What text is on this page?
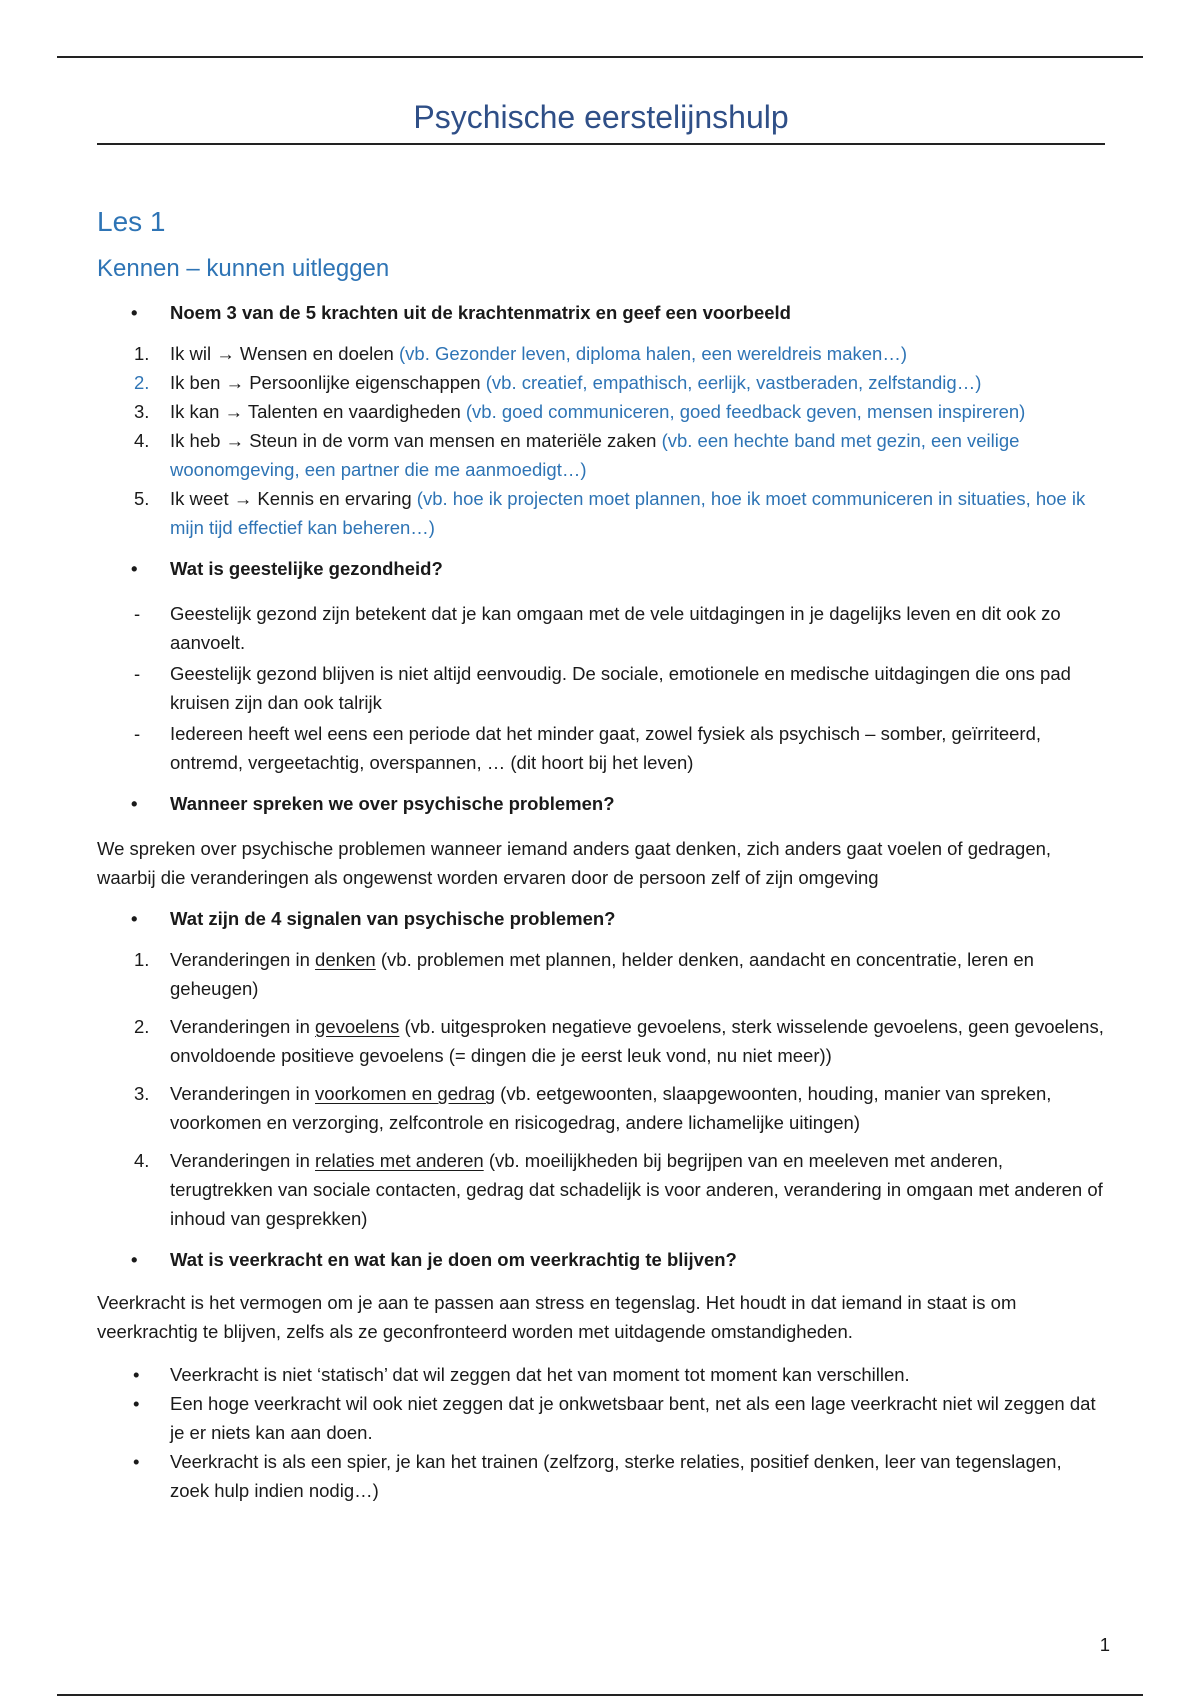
Psychische eerstelijnshulp
Les 1
Kennen – kunnen uitleggen

• Noem 3 van de 5 krachten uit de krachtenmatrix en geef een voorbeeld

1. Ik wil → Wensen en doelen (vb. Gezonder leven, diploma halen, een wereldreis maken…)
2. Ik ben → Persoonlijke eigenschappen (vb. creatief, empathisch, eerlijk, vastberaden, zelfstandig…)
3. Ik kan → Talenten en vaardigheden (vb. goed communiceren, goed feedback geven, mensen inspireren)
4. Ik heb → Steun in de vorm van mensen en materiële zaken (vb. een hechte band met gezin, een veilige woonomgeving, een partner die me aanmoedigt…)
5. Ik weet → Kennis en ervaring (vb. hoe ik projecten moet plannen, hoe ik moet communiceren in situaties, hoe ik mijn tijd effectief kan beheren…)

• Wat is geestelijke gezondheid?

- Geestelijk gezond zijn betekent dat je kan omgaan met de vele uitdagingen in je dagelijks leven en dit ook zo aanvoelt.
- Geestelijk gezond blijven is niet altijd eenvoudig. De sociale, emotionele en medische uitdagingen die ons pad kruisen zijn dan ook talrijk
- Iedereen heeft wel eens een periode dat het minder gaat, zowel fysiek als psychisch – somber, geïrriteerd, ontremd, vergeetachtig, overspannen, … (dit hoort bij het leven)

• Wanneer spreken we over psychische problemen?

We spreken over psychische problemen wanneer iemand anders gaat denken, zich anders gaat voelen of gedragen, waarbij die veranderingen als ongewenst worden ervaren door de persoon zelf of zijn omgeving

• Wat zijn de 4 signalen van psychische problemen?

1. Veranderingen in denken (vb. problemen met plannen, helder denken, aandacht en concentratie, leren en geheugen)
2. Veranderingen in gevoelens (vb. uitgesproken negatieve gevoelens, sterk wisselende gevoelens, geen gevoelens, onvoldoende positieve gevoelens (= dingen die je eerst leuk vond, nu niet meer))
3. Veranderingen in voorkomen en gedrag (vb. eetgewoonten, slaapgewoonten, houding, manier van spreken, voorkomen en verzorging, zelfcontrole en risicogedrag, andere lichamelijke uitingen)
4. Veranderingen in relaties met anderen (vb. moeilijkheden bij begrijpen van en meeleven met anderen, terugtrekken van sociale contacten, gedrag dat schadelijk is voor anderen, verandering in omgaan met anderen of inhoud van gesprekken)

• Wat is veerkracht en wat kan je doen om veerkrachtig te blijven?

Veerkracht is het vermogen om je aan te passen aan stress en tegenslag. Het houdt in dat iemand in staat is om veerkrachtig te blijven, zelfs als ze geconfronteerd worden met uitdagende omstandigheden.

• Veerkracht is niet ‘statisch’ dat wil zeggen dat het van moment tot moment kan verschillen.
• Een hoge veerkracht wil ook niet zeggen dat je onkwetsbaar bent, net als een lage veerkracht niet wil zeggen dat je er niets kan aan doen.
• Veerkracht is als een spier, je kan het trainen (zelfzorg, sterke relaties, positief denken, leer van tegenslagen, zoek hulp indien nodig…)
1
